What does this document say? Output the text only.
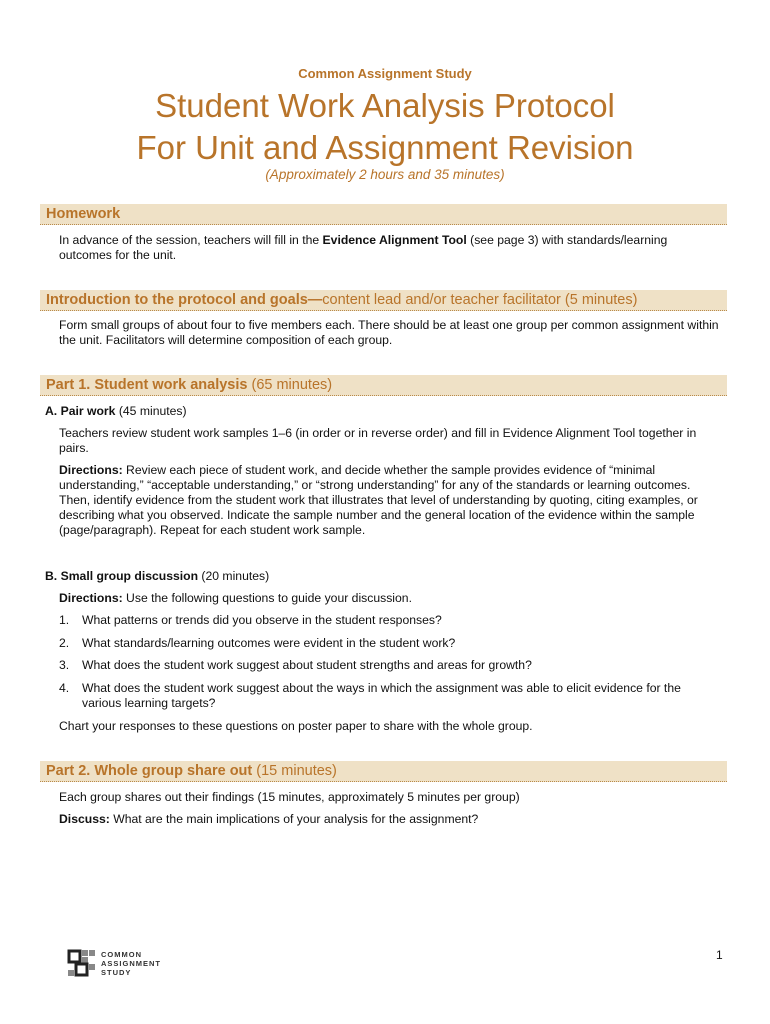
Common Assignment Study
Student Work Analysis Protocol
For Unit and Assignment Revision
(Approximately 2 hours and 35 minutes)
Homework
In advance of the session, teachers will fill in the Evidence Alignment Tool (see page 3) with standards/learning outcomes for the unit.
Introduction to the protocol and goals—content lead and/or teacher facilitator (5 minutes)
Form small groups of about four to five members each. There should be at least one group per common assignment within the unit. Facilitators will determine composition of each group.
Part 1. Student work analysis (65 minutes)
A. Pair work (45 minutes)
Teachers review student work samples 1–6 (in order or in reverse order) and fill in Evidence Alignment Tool together in pairs.
Directions: Review each piece of student work, and decide whether the sample provides evidence of “minimal understanding,” “acceptable understanding,” or “strong understanding” for any of the standards or learning outcomes. Then, identify evidence from the student work that illustrates that level of understanding by quoting, citing examples, or describing what you observed. Indicate the sample number and the general location of the evidence within the sample (page/paragraph). Repeat for each student work sample.
B. Small group discussion (20 minutes)
Directions: Use the following questions to guide your discussion.
1. What patterns or trends did you observe in the student responses?
2. What standards/learning outcomes were evident in the student work?
3. What does the student work suggest about student strengths and areas for growth?
4. What does the student work suggest about the ways in which the assignment was able to elicit evidence for the various learning targets?
Chart your responses to these questions on poster paper to share with the whole group.
Part 2. Whole group share out (15 minutes)
Each group shares out their findings (15 minutes, approximately 5 minutes per group)
Discuss: What are the main implications of your analysis for the assignment?
COMMON
ASSIGNMENT
STUDY
1
